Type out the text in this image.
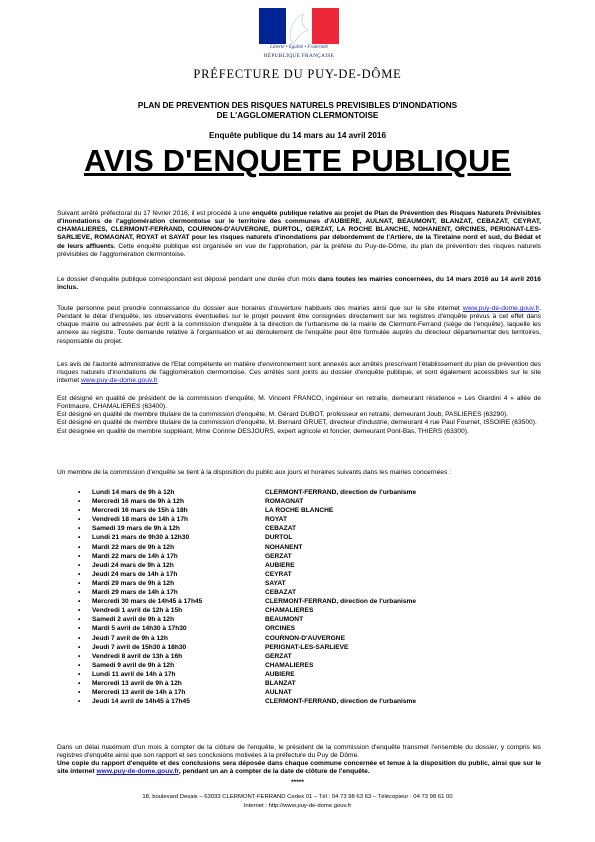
Liberté • Égalité • Fraternité
RÉPUBLIQUE FRANÇAISE
PRÉFECTURE DU PUY-DE-DÔME
PLAN DE PREVENTION DES RISQUES NATURELS PREVISIBLES D'INONDATIONS
DE L'AGGLOMERATION CLERMONTOISE
Enquête publique du 14 mars au 14 avril 2016
AVIS D'ENQUETE PUBLIQUE

Suivant arrêté préfectoral du 17 février 2016, il est procédé à une enquête publique relative au projet de Plan de Prévention des Risques Naturels Prévisibles d'inondations de l'agglomération clermontoise sur le territoire des communes d'AUBIERE, AULNAT, BEAUMONT, BLANZAT, CEBAZAT, CEYRAT, CHAMALIERES, CLERMONT-FERRAND, COURNON-D'AUVERGNE, DURTOL, GERZAT, LA ROCHE BLANCHE, NOHANENT, ORCINES, PERIGNAT-LES-SARLIEVE, ROMAGNAT, ROYAT et SAYAT pour les risques naturels d'inondations par débordement de l'Artière, de la Tiretaine nord et sud, du Bédat et de leurs affluents. Cette enquête publique est organisée en vue de l'approbation, par la préfète du Puy-de-Dôme, du plan de prévention des risques naturels prévisibles de l'agglomération clermontoise.

Le dossier d'enquête publique correspondant est déposé pendant une durée d'un mois dans toutes les mairies concernées, du 14 mars 2016 au 14 avril 2016 inclus.

Toute personne peut prendre connaissance du dossier aux horaires d'ouverture habituels des mairies ainsi que sur le site internet www.puy-de-dome.gouv.fr. Pendant le délai d'enquête, les observations éventuelles sur le projet peuvent être consignées directement sur les registres d'enquête prévus à cet effet dans chaque mairie ou adressées par écrit à la commission d'enquête à la direction de l'urbanisme de la mairie de Clermont-Ferrand (siège de l'enquête), laquelle les annexe au registre. Toute demande relative à l'organisation et au déroulement de l'enquête peut être formulée auprès du directeur départemental des territoires, responsable du projet.

Les avis de l'autorité administrative de l'Etat compétente en matière d'environnement sont annexés aux arrêtés prescrivant l'établissement du plan de prévention des risques naturels d'inondations de l'agglomération clermontoise. Ces arrêtés sont joints au dossier d'enquête publique, et sont également accessibles sur le site internet www.puy-de-dome.gouv.fr

Est désigné en qualité de président de la commission d'enquête, M. Vincent FRANCO, ingénieur en retraite, demeurant résidence « Les Giardini 4 » allée de Fontmaure, CHAMALIERES (63400).

Est désigné en qualité de membre titulaire de la commission d'enquête, M. Gérard DUBOT, professeur en retraite, demeurant Joub, PASLIERES (63290).

Est désigné en qualité de membre titulaire de la commission d'enquête, M. Bernard GRUET, directeur d'industrie, demeurant 4 rue Paul Fournet, ISSOIRE (63500).

Est désignée en qualité de membre suppléant, Mme Corinne DESJOURS, expert agricole et foncier, demeurant Pont-Bas, THIERS (63300).

Un membre de la commission d'enquête se tient à la disposition du public aux jours et horaires suivants dans les mairies concernées :

• Lundi 14 mars de 9h à 12h	CLERMONT-FERRAND, direction de l'urbanisme
• Mercredi 16 mars de 9h à 12h	ROMAGNAT
• Mercredi 16 mars de 15h à 18h	LA ROCHE BLANCHE
• Vendredi 18 mars de 14h à 17h	ROYAT
• Samedi 19 mars de 9h à 12h	CEBAZAT
• Lundi 21 mars de 9h30 à 12h30	DURTOL
• Mardi 22 mars de 9h à 12h	NOHANENT
• Mardi 22 mars de 14h à 17h	GERZAT
• Jeudi 24 mars de 9h à 12h	AUBIERE
• Jeudi 24 mars de 14h à 17h	CEYRAT
• Mardi 29 mars de 9h à 12h	SAYAT
• Mardi 29 mars de 14h à 17h	CEBAZAT
• Mercredi 30 mars de 14h45 à 17h45	CLERMONT-FERRAND, direction de l'urbanisme
• Vendredi 1 avril de 12h à 15h	CHAMALIERES
• Samedi 2 avril de 9h à 12h	BEAUMONT
• Mardi 5 avril de 14h30 à 17h30	ORCINES
• Jeudi 7 avril de 9h à 12h	COURNON-D'AUVERGNE
• Jeudi 7 avril de 15h30 à 18h30	PERIGNAT-LES-SARLIEVE
• Vendredi 8 avril de 13h à 16h	GERZAT
• Samedi 9 avril de 9h à 12h	CHAMALIERES
• Lundi 11 avril de 14h à 17h	AUBIERE
• Mercredi 13 avril de 9h à 12h	BLANZAT
• Mercredi 13 avril de 14h à 17h	AULNAT
• Jeudi 14 avril de 14h45 à 17h45	CLERMONT-FERRAND, direction de l'urbanisme

Dans un délai maximum d'un mois à compter de la clôture de l'enquête, le président de la commission d'enquête transmet l'ensemble du dossier, y compris les registres d'enquête ainsi que son rapport et ses conclusions motivées à la préfecture du Puy de Dôme.

Une copie du rapport d'enquête et des conclusions sera déposée dans chaque commune concernée et tenue à la disposition du public, ainsi que sur le site internet www.puy-de-dome.gouv.fr, pendant un an à compter de la date de clôture de l'enquête.

*****
18, boulevard Desaix – 63033 CLERMONT-FERRAND Cedex 01 – Tél : 04 73 98 63 63 – Télécopieur : 04 73 98 61 00
Internet : http://www.puy-de-dome.gouv.fr
